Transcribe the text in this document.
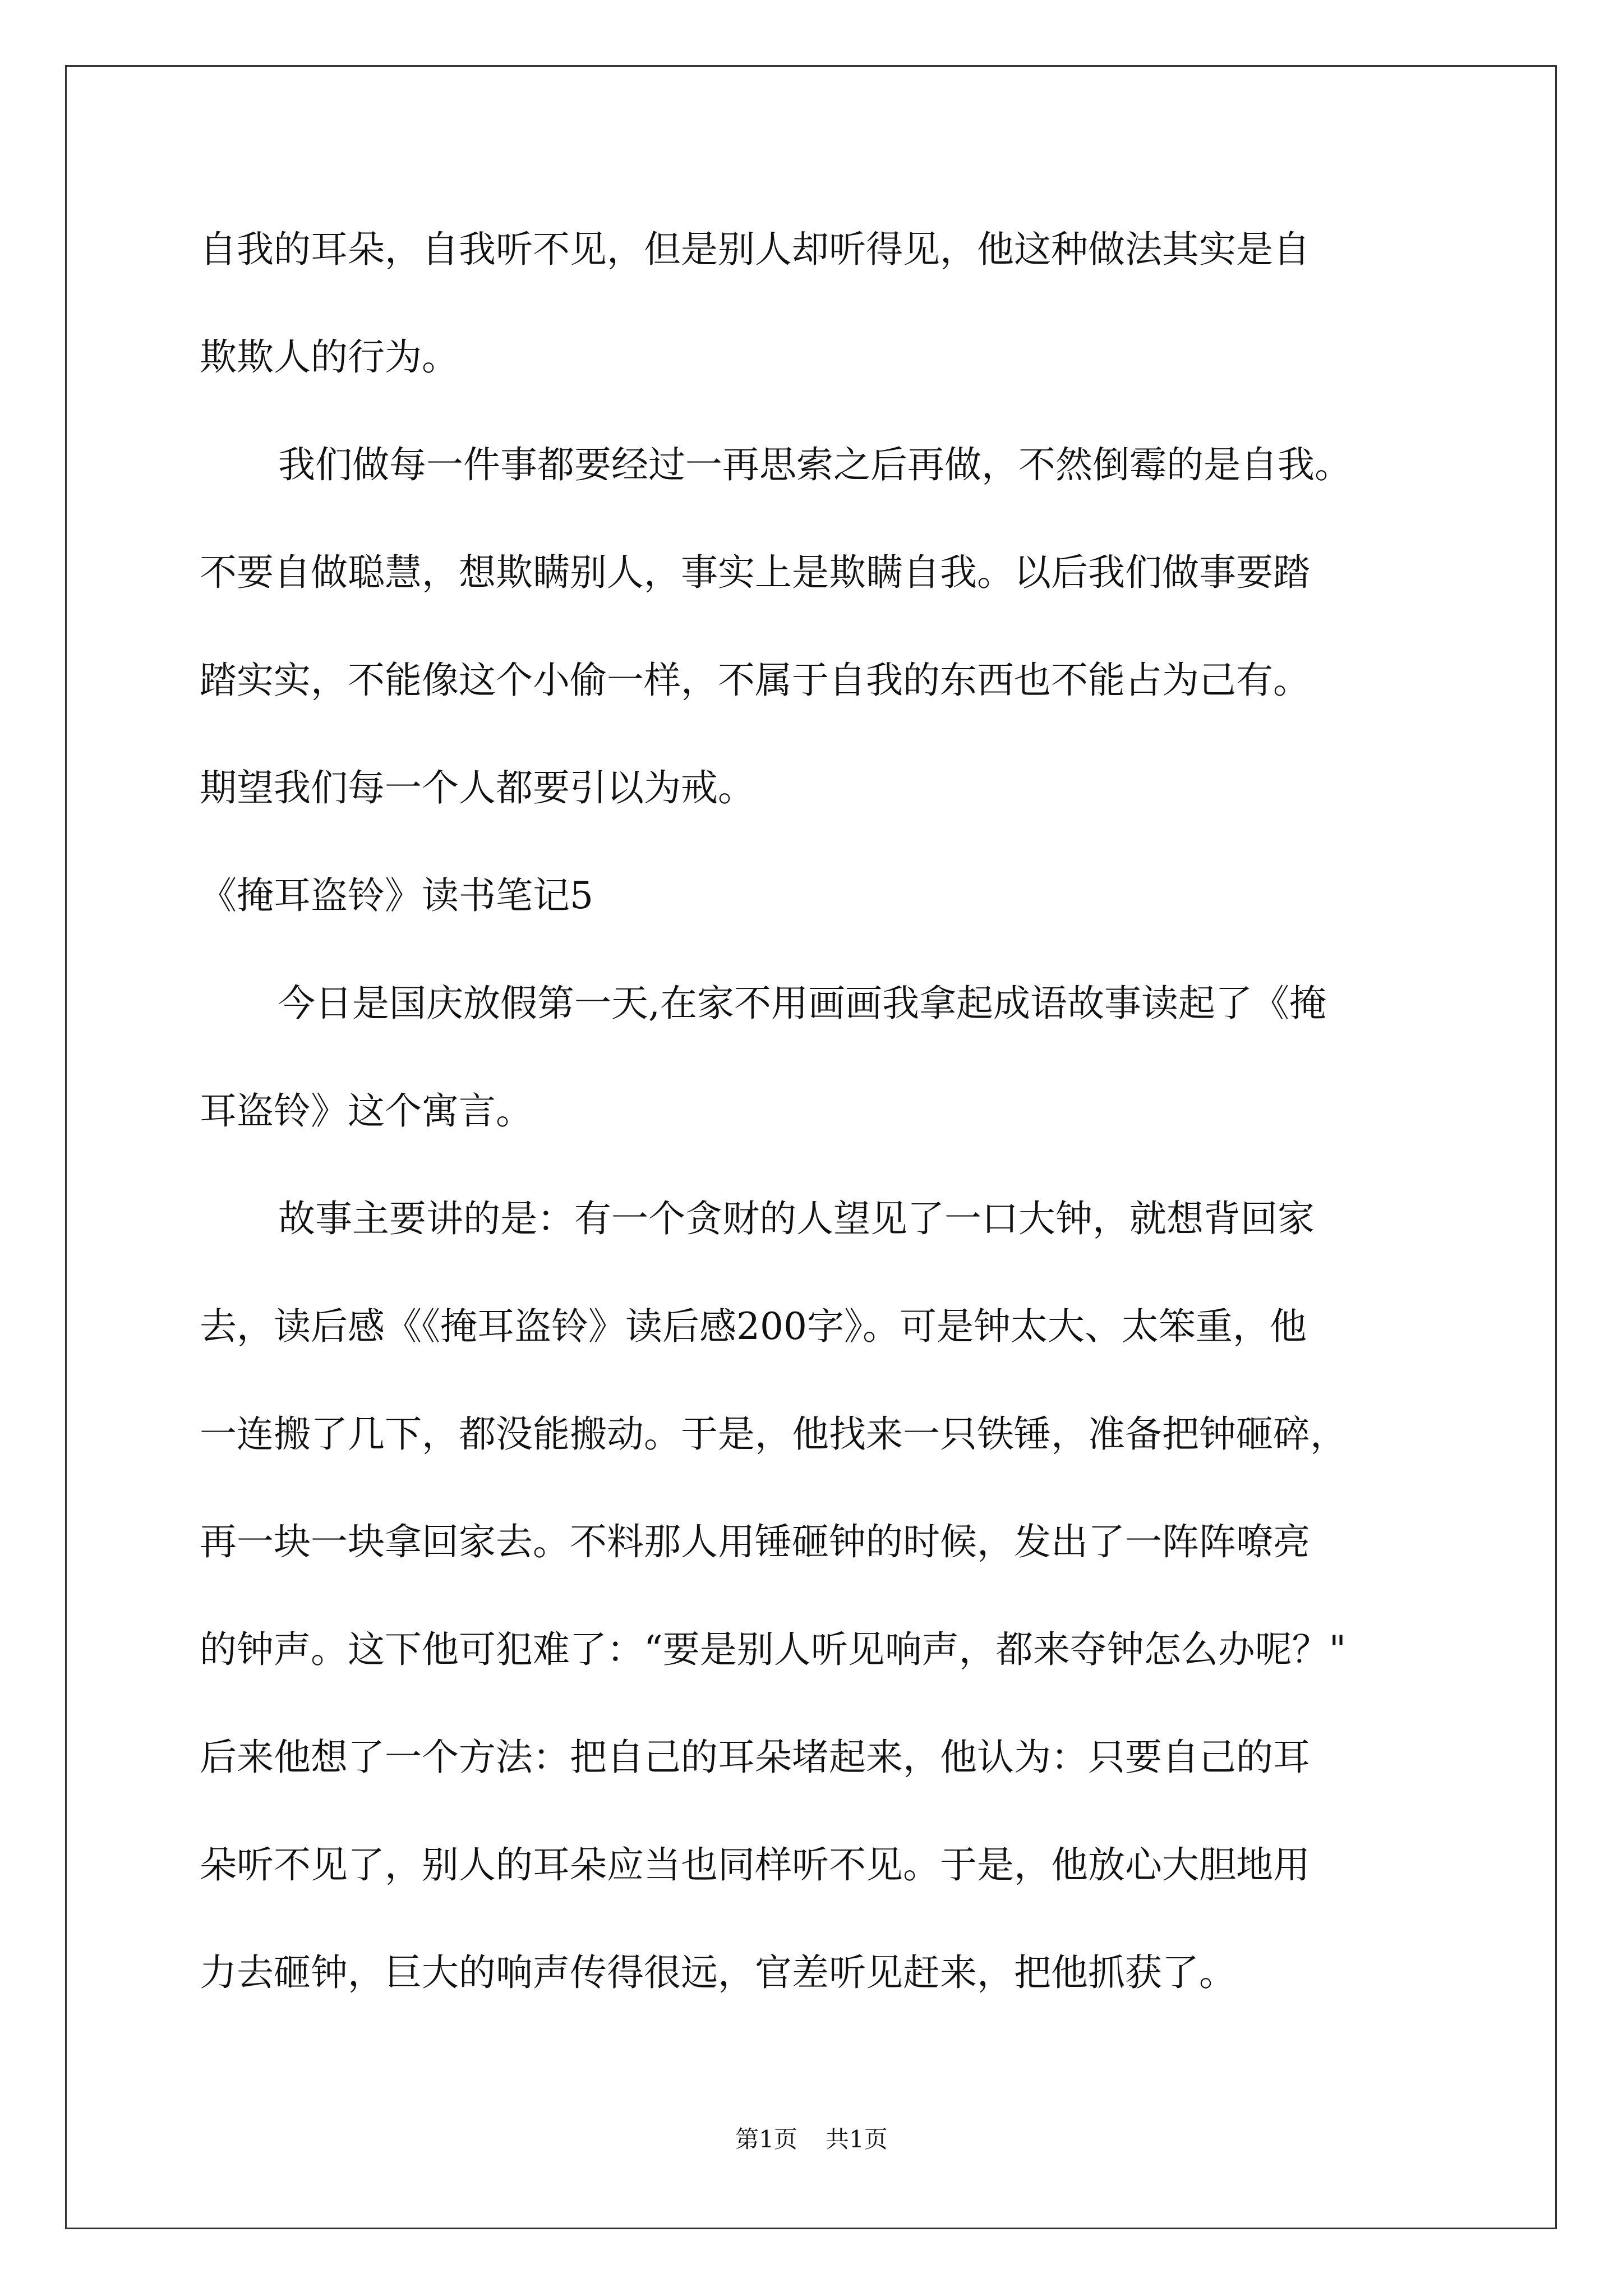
自我的耳朵，自我听不见，但是别人却听得见，他这种做法其实是自
欺欺人的行为。
我们做每一件事都要经过一再思索之后再做，不然倒霉的是自我。
不要自做聪慧，想欺瞒别人，事实上是欺瞒自我。以后我们做事要踏
踏实实，不能像这个小偷一样，不属于自我的东西也不能占为己有。
期望我们每一个人都要引以为戒。
《掩耳盗铃》读书笔记5
今日是国庆放假第一天,在家不用画画我拿起成语故事读起了《掩
耳盗铃》这个寓言。
故事主要讲的是：有一个贪财的人望见了一口大钟，就想背回家
去，读后感《《掩耳盗铃》读后感200字》。可是钟太大、太笨重，他
一连搬了几下，都没能搬动。于是，他找来一只铁锤，准备把钟砸碎，
再一块一块拿回家去。不料那人用锤砸钟的时候，发出了一阵阵嘹亮
的钟声。这下他可犯难了：“要是别人听见响声，都来夺钟怎么办呢？"
后来他想了一个方法：把自己的耳朵堵起来，他认为：只要自己的耳
朵听不见了，别人的耳朵应当也同样听不见。于是，他放心大胆地用
力去砸钟，巨大的响声传得很远，官差听见赶来，把他抓获了。
第1页 共1页
